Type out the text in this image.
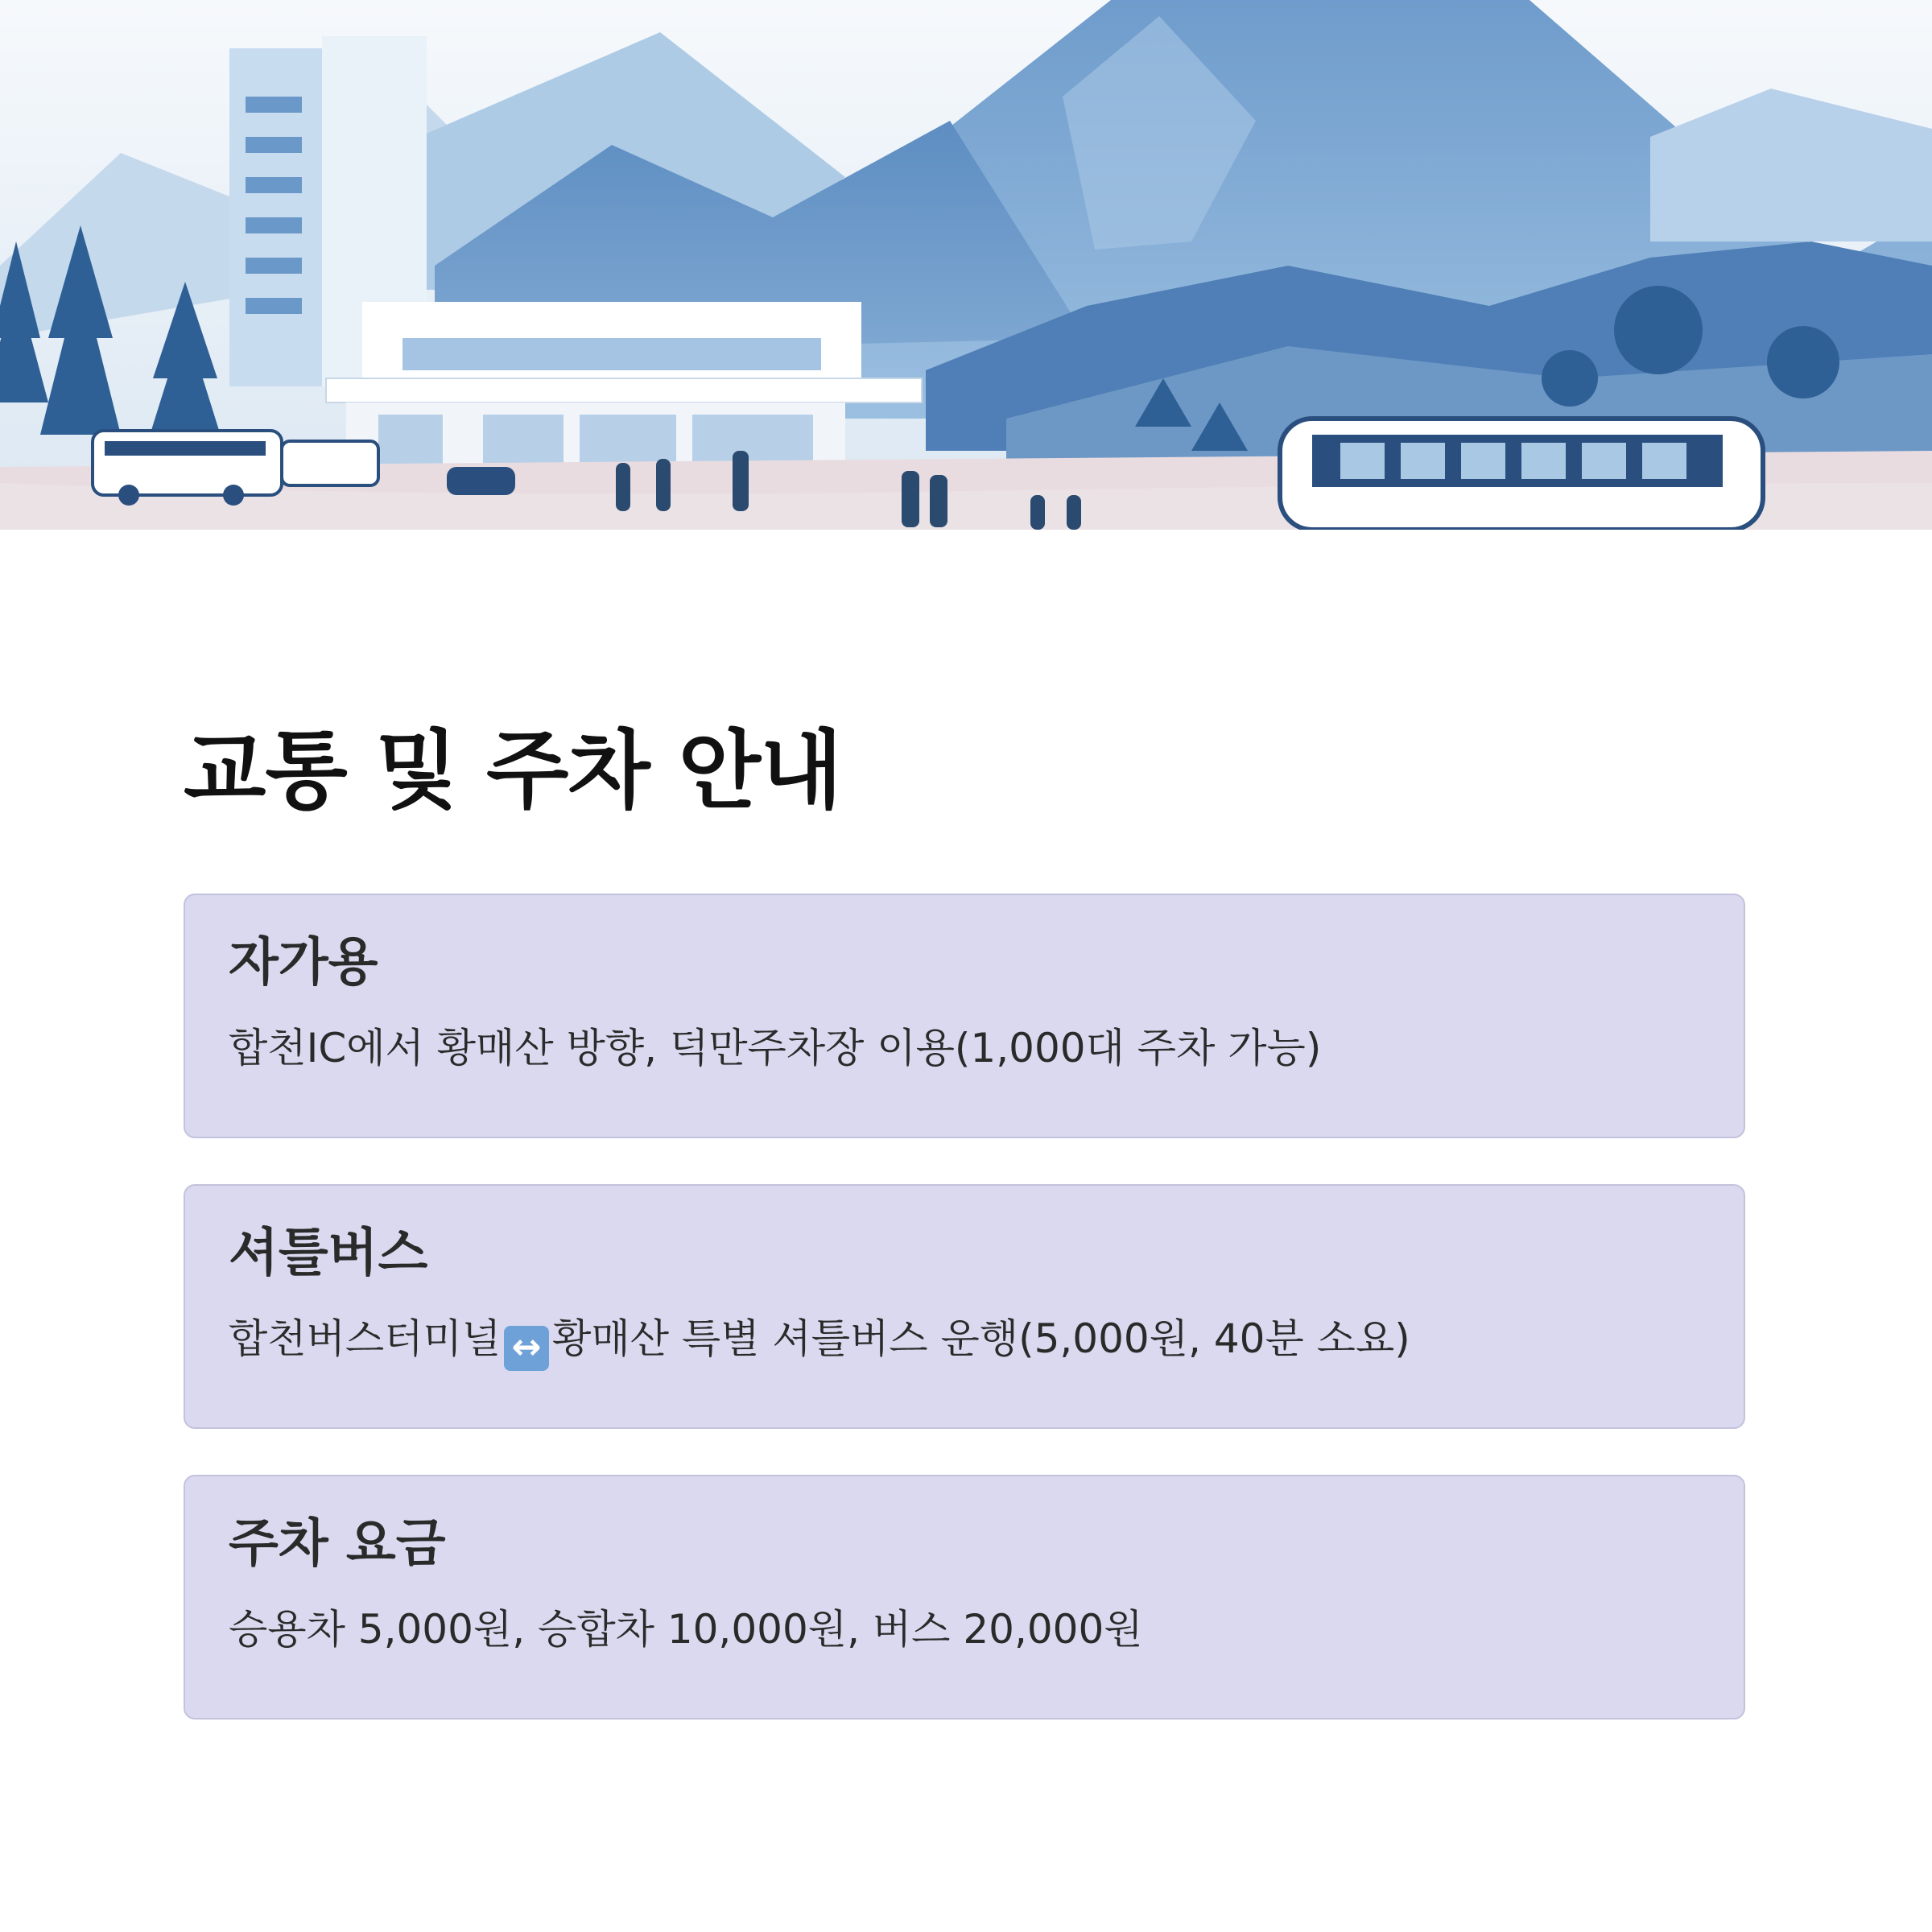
교통 및 주차 안내
자가용

합천IC에서 황매산 방향, 덕만주차장 이용(1,000대 주차 가능)

셔틀버스

합천버스터미널 ↔ 황매산 특별 셔틀버스 운행(5,000원, 40분 소요)

주차 요금

승용차 5,000원, 승합차 10,000원, 버스 20,000원
